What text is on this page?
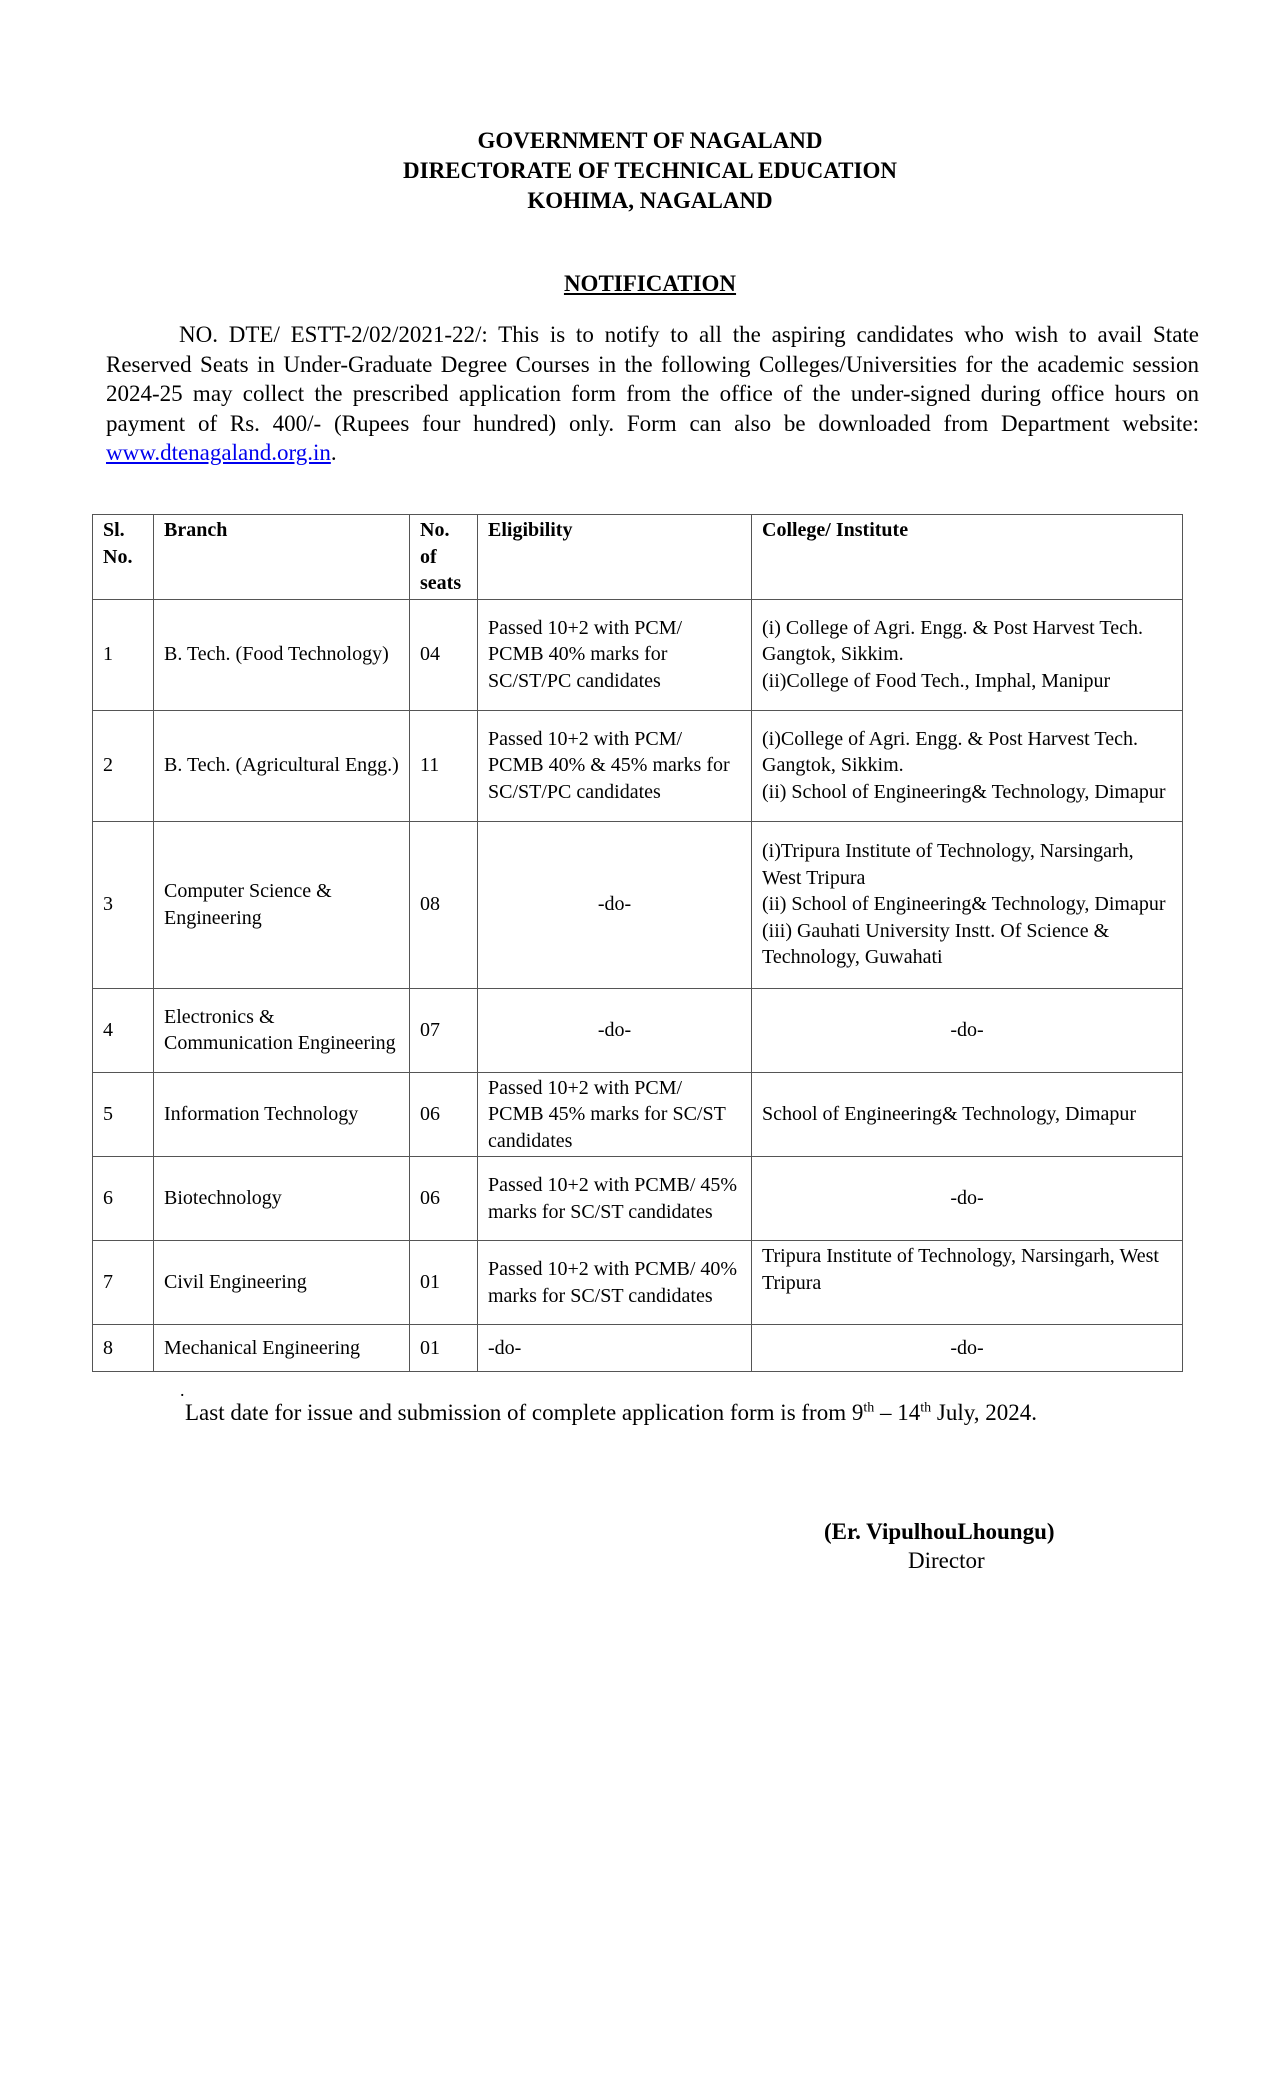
GOVERNMENT OF NAGALAND
DIRECTORATE OF TECHNICAL EDUCATION
KOHIMA, NAGALAND
NOTIFICATION
NO. DTE/ ESTT-2/02/2021-22/: This is to notify to all the aspiring candidates who wish to avail State Reserved Seats in Under-Graduate Degree Courses in the following Colleges/Universities for the academic session 2024-25 may collect the prescribed application form from the office of the under-signed during office hours on payment of Rs. 400/- (Rupees four hundred) only. Form can also be downloaded from Department website: www.dtenagaland.org.in.
Sl. No.	Branch	No. of seats	Eligibility	College/ Institute
1	B. Tech. (Food Technology)	04	Passed 10+2 with PCM/ PCMB 40% marks for SC/ST/PC candidates	(i) College of Agri. Engg. & Post Harvest Tech. Gangtok, Sikkim.
(ii)College of Food Tech., Imphal, Manipur
2	B. Tech. (Agricultural Engg.)	11	Passed 10+2 with PCM/ PCMB 40% & 45% marks for SC/ST/PC candidates	(i)College of Agri. Engg. & Post Harvest Tech. Gangtok, Sikkim.
(ii) School of Engineering& Technology, Dimapur
3	Computer Science & Engineering	08	-do-	(i)Tripura Institute of Technology, Narsingarh, West Tripura
(ii) School of Engineering& Technology, Dimapur
(iii) Gauhati University Instt. Of Science & Technology, Guwahati
4	Electronics & Communication Engineering	07	-do-	-do-
5	Information Technology	06	Passed 10+2 with PCM/ PCMB 45% marks for SC/ST candidates	School of Engineering& Technology, Dimapur
6	Biotechnology	06	Passed 10+2 with PCMB/ 45% marks for SC/ST candidates	-do-
7	Civil Engineering	01	Passed 10+2 with PCMB/ 40% marks for SC/ST candidates	Tripura Institute of Technology, Narsingarh, West Tripura
8	Mechanical Engineering	01	-do-	-do-
.
Last date for issue and submission of complete application form is from 9th – 14th July, 2024.
(Er. VipulhouLhoungu)
Director
